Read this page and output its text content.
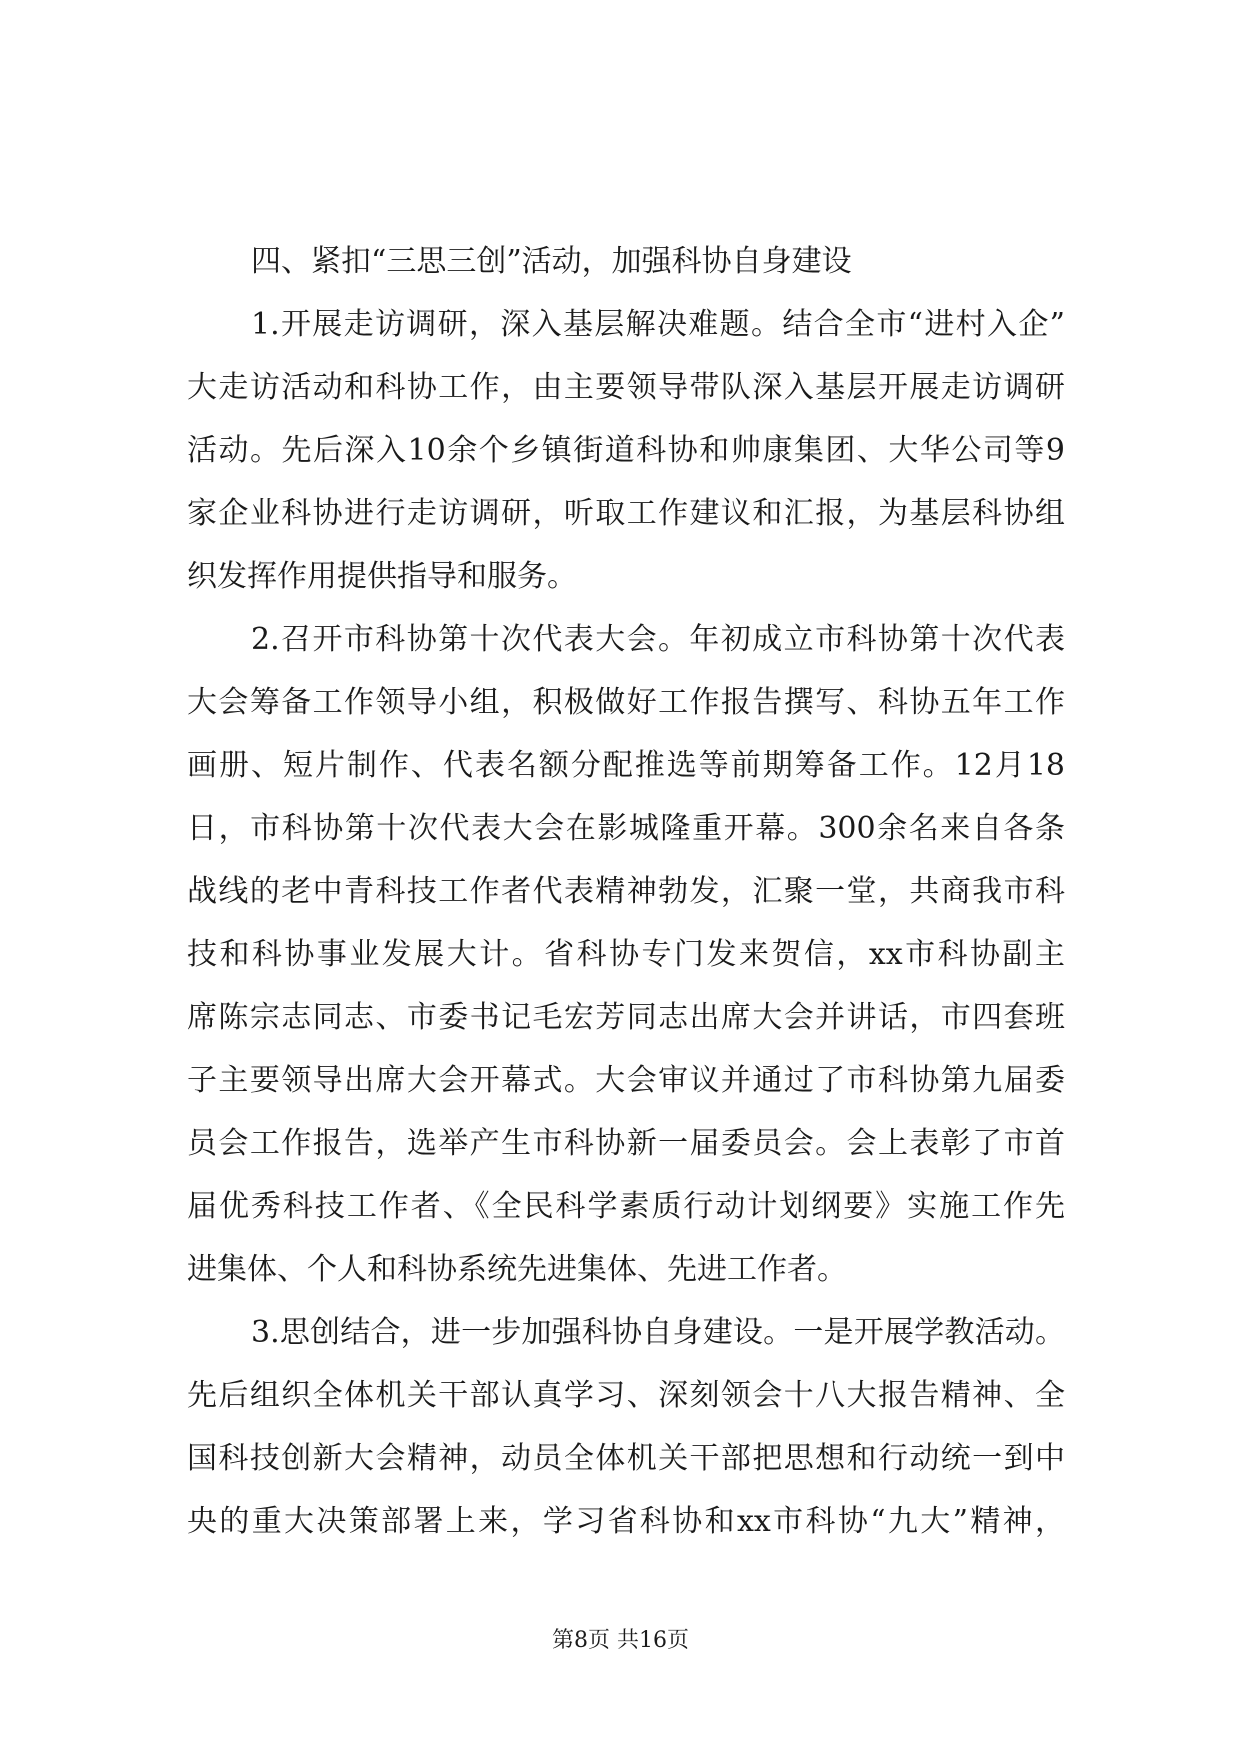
四、紧扣“三思三创”活动，加强科协自身建设
1.开展走访调研，深入基层解决难题。结合全市“进村入企”
大走访活动和科协工作，由主要领导带队深入基层开展走访调研
活动。先后深入10余个乡镇街道科协和帅康集团、大华公司等9
家企业科协进行走访调研，听取工作建议和汇报，为基层科协组
织发挥作用提供指导和服务。
2.召开市科协第十次代表大会。年初成立市科协第十次代表
大会筹备工作领导小组，积极做好工作报告撰写、科协五年工作
画册、短片制作、代表名额分配推选等前期筹备工作。12月18
日，市科协第十次代表大会在影城隆重开幕。300余名来自各条
战线的老中青科技工作者代表精神勃发，汇聚一堂，共商我市科
技和科协事业发展大计。省科协专门发来贺信，xx市科协副主
席陈宗志同志、市委书记毛宏芳同志出席大会并讲话，市四套班
子主要领导出席大会开幕式。大会审议并通过了市科协第九届委
员会工作报告，选举产生市科协新一届委员会。会上表彰了市首
届优秀科技工作者、《全民科学素质行动计划纲要》实施工作先
进集体、个人和科协系统先进集体、先进工作者。
3.思创结合，进一步加强科协自身建设。一是开展学教活动。
先后组织全体机关干部认真学习、深刻领会十八大报告精神、全
国科技创新大会精神，动员全体机关干部把思想和行动统一到中
央的重大决策部署上来，学习省科协和xx市科协“九大”精神，
第8页 共16页
